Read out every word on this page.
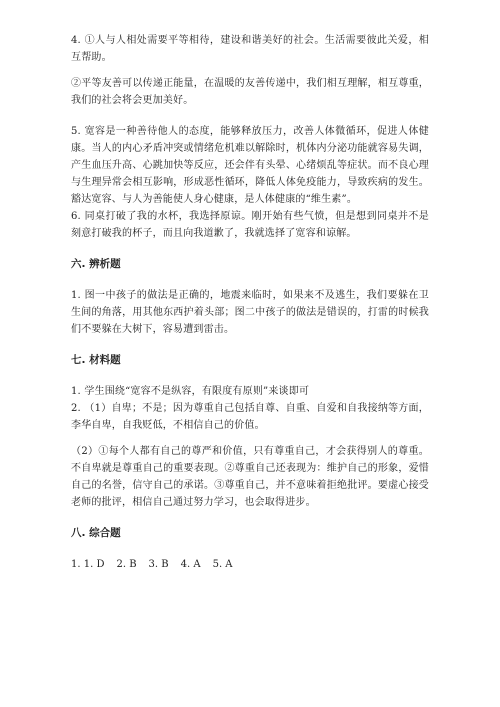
4. ①人与人相处需要平等相待，建设和谐美好的社会。生活需要彼此关爱，相互帮助。

②平等友善可以传递正能量，在温暖的友善传递中，我们相互理解，相互尊重，我们的社会将会更加美好。

5. 宽容是一种善待他人的态度，能够释放压力，改善人体微循环，促进人体健康。当人的内心矛盾冲突或情绪危机难以解除时，机体内分泌功能就容易失调，产生血压升高、心跳加快等反应，还会伴有头晕、心绪烦乱等症状。而不良心理与生理异常会相互影响，形成恶性循环，降低人体免疫能力，导致疾病的发生。豁达宽容、与人为善能使人身心健康，是人体健康的“维生素”。

6. 同桌打破了我的水杯，我选择原谅。刚开始有些气愤，但是想到同桌并不是刻意打破我的杯子，而且向我道歉了，我就选择了宽容和谅解。

六. 辨析题

1. 图一中孩子的做法是正确的，地震来临时，如果来不及逃生，我们要躲在卫生间的角落，用其他东西护着头部；图二中孩子的做法是错误的，打雷的时候我们不要躲在大树下，容易遭到雷击。

七. 材料题

1. 学生围绕“宽容不是纵容，有限度有原则”来谈即可

2. （1）自卑；不是；因为尊重自己包括自尊、自重、自爱和自我接纳等方面，李华自卑，自我贬低，不相信自己的价值。

（2）①每个人都有自己的尊严和价值，只有尊重自己，才会获得别人的尊重。不自卑就是尊重自己的重要表现。②尊重自己还表现为：维护自己的形象，爱惜自己的名誉，信守自己的承诺。③尊重自己，并不意味着拒绝批评。要虚心接受老师的批评，相信自己通过努力学习，也会取得进步。

八. 综合题

1. 1. D 2. B 3. B 4. A 5. A
